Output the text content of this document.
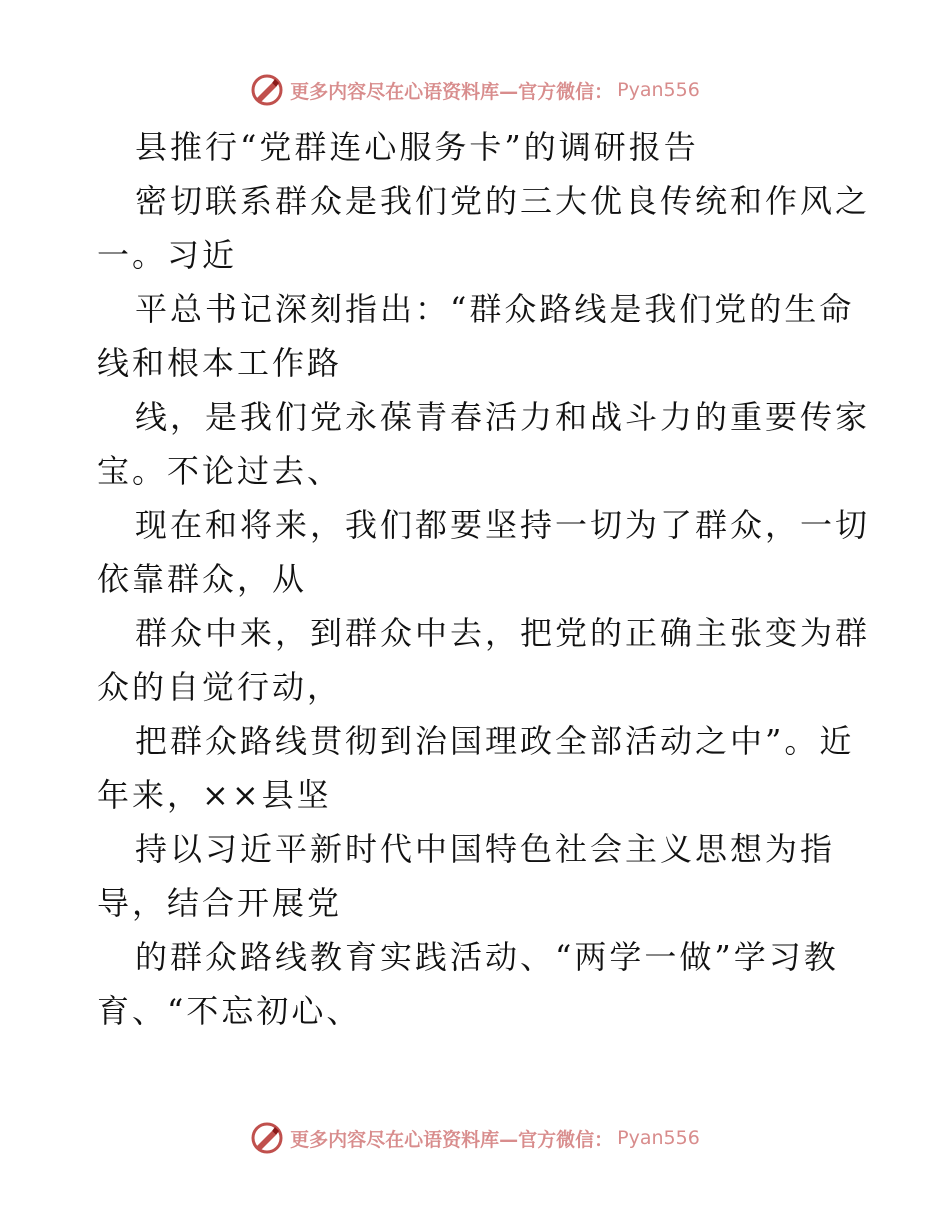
更多内容尽在心语资料库—官方微信： Pyan556
县推行“党群连心服务卡”的调研报告
密切联系群众是我们党的三大优良传统和作风之
一。习近
平总书记深刻指出：“群众路线是我们党的生命
线和根本工作路
线，是我们党永葆青春活力和战斗力的重要传家
宝。不论过去、
现在和将来，我们都要坚持一切为了群众，一切
依靠群众，从
群众中来，到群众中去，把党的正确主张变为群
众的自觉行动，
把群众路线贯彻到治国理政全部活动之中”。近
年来，××县坚
持以习近平新时代中国特色社会主义思想为指
导，结合开展党
的群众路线教育实践活动、“两学一做”学习教
育、“不忘初心、
更多内容尽在心语资料库—官方微信： Pyan556
